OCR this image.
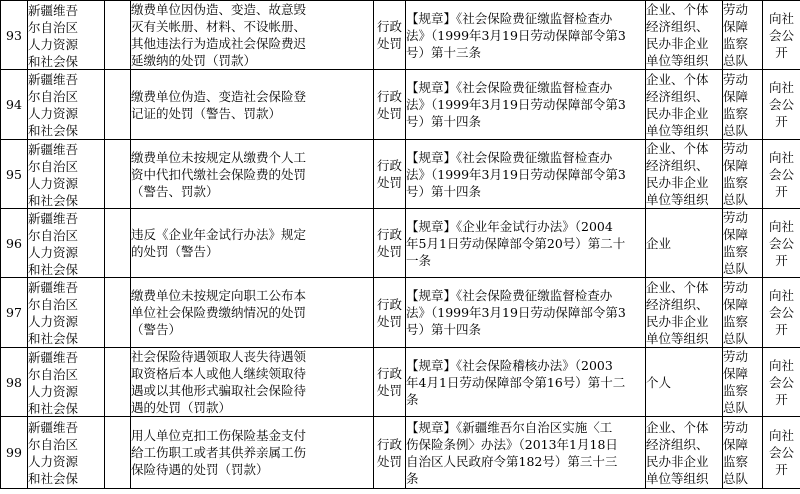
93	新疆维吾
尔自治区
人力资源
和社会保		缴费单位因伪造、变造、故意毁
灭有关帐册、材料、不设帐册、
其他违法行为造成社会保险费迟
延缴纳的处罚（罚款）	行政
处罚	【规章】《社会保险费征缴监督检查办
法》（1999年3月19日劳动保障部令第3
号）第十三条	企业、个体
经济组织、
民办非企业
单位等组织	劳动
保障
监察
总队	向社
会公
开
94	新疆维吾
尔自治区
人力资源
和社会保		缴费单位伪造、变造社会保险登
记证的处罚（警告、罚款）	行政
处罚	【规章】《社会保险费征缴监督检查办
法》（1999年3月19日劳动保障部令第3
号）第十四条	企业、个体
经济组织、
民办非企业
单位等组织	劳动
保障
监察
总队	向社
会公
开
95	新疆维吾
尔自治区
人力资源
和社会保		缴费单位未按规定从缴费个人工
资中代扣代缴社会保险费的处罚
（警告、罚款）	行政
处罚	【规章】《社会保险费征缴监督检查办
法》（1999年3月19日劳动保障部令第3
号）第十四条	企业、个体
经济组织、
民办非企业
单位等组织	劳动
保障
监察
总队	向社
会公
开
96	新疆维吾
尔自治区
人力资源
和社会保		违反《企业年金试行办法》规定
的处罚（警告）	行政
处罚	【规章】《企业年金试行办法》（2004
年5月1日劳动保障部令第20号）第二十
一条	企业	劳动
保障
监察
总队	向社
会公
开
97	新疆维吾
尔自治区
人力资源
和社会保		缴费单位未按规定向职工公布本
单位社会保险费缴纳情况的处罚
（警告）	行政
处罚	【规章】《社会保险费征缴监督检查办
法》（1999年3月19日劳动保障部令第3
号）第十四条	企业、个体
经济组织、
民办非企业
单位等组织	劳动
保障
监察
总队	向社
会公
开
98	新疆维吾
尔自治区
人力资源
和社会保		社会保险待遇领取人丧失待遇领
取资格后本人或他人继续领取待
遇或以其他形式骗取社会保险待
遇的处罚（罚款）	行政
处罚	【规章】《社会保险稽核办法》（2003
年4月1日劳动保障部令第16号）第十二
条	个人	劳动
保障
监察
总队	向社
会公
开
99	新疆维吾
尔自治区
人力资源
和社会保		用人单位克扣工伤保险基金支付
给工伤职工或者其供养亲属工伤
保险待遇的处罚（罚款）	行政
处罚	【规章】《新疆维吾尔自治区实施〈工
伤保险条例〉办法》（2013年1月18日
自治区人民政府令第182号）第三十三
条	企业、个体
经济组织、
民办非企业
单位等组织	劳动
保障
监察
总队	向社
会公
开
